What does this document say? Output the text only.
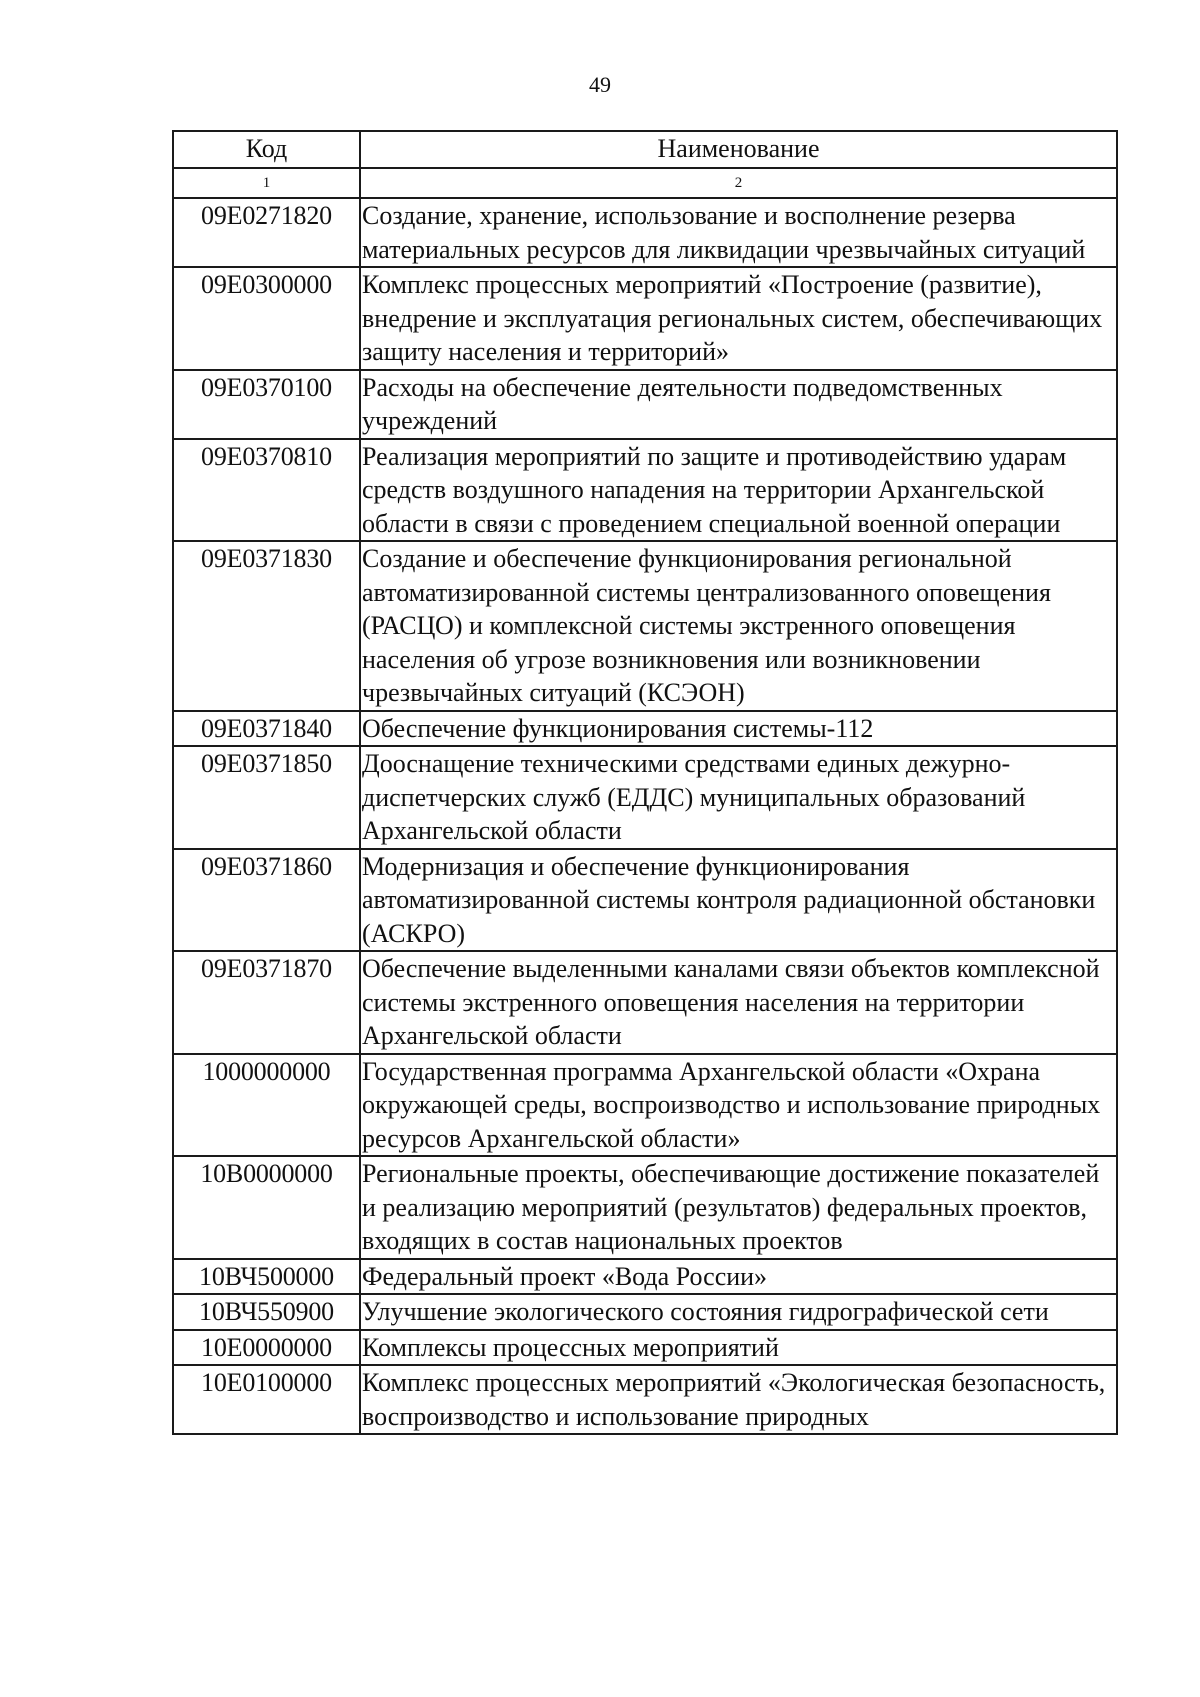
49
Код	Наименование
1	2
09Е0271820	Создание, хранение, использование и восполнение резерва материальных ресурсов для ликвидации чрезвычайных ситуаций
09Е0300000	Комплекс процессных мероприятий «Построение (развитие), внедрение и эксплуатация региональных систем, обеспечивающих защиту населения и территорий»
09Е0370100	Расходы на обеспечение деятельности подведомственных учреждений
09Е0370810	Реализация мероприятий по защите и противодействию ударам средств воздушного нападения на территории Архангельской области в связи с проведением специальной военной операции
09Е0371830	Создание и обеспечение функционирования региональной автоматизированной системы централизованного оповещения (РАСЦО) и комплексной системы экстренного оповещения населения об угрозе возникновения или возникновении чрезвычайных ситуаций (КСЭОН)
09Е0371840	Обеспечение функционирования системы-112
09Е0371850	Дооснащение техническими средствами единых дежурно-диспетчерских служб (ЕДДС) муниципальных образований Архангельской области
09Е0371860	Модернизация и обеспечение функционирования автоматизированной системы контроля радиационной обстановки (АСКРО)
09Е0371870	Обеспечение выделенными каналами связи объектов комплексной системы экстренного оповещения населения на территории Архангельской области
1000000000	Государственная программа Архангельской области «Охрана окружающей среды, воспроизводство и использование природных ресурсов Архангельской области»
10В0000000	Региональные проекты, обеспечивающие достижение показателей и реализацию мероприятий (результатов) федеральных проектов, входящих в состав национальных проектов
10ВЧ500000	Федеральный проект «Вода России»
10ВЧ550900	Улучшение экологического состояния гидрографической сети
10Е0000000	Комплексы процессных мероприятий
10Е0100000	Комплекс процессных мероприятий «Экологическая безопасность, воспроизводство и использование природных
